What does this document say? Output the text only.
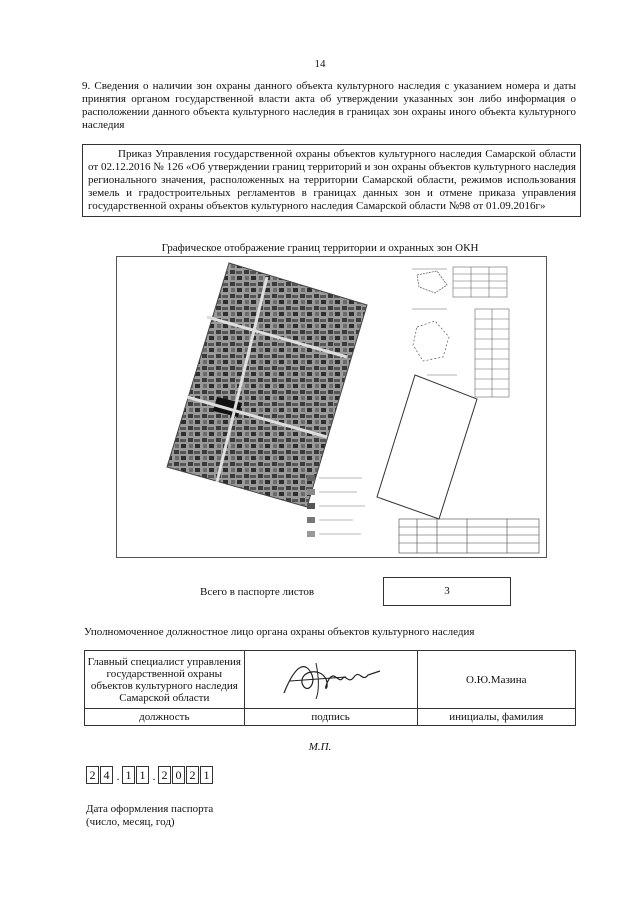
14
9. Сведения о наличии зон охраны данного объекта культурного наследия с указанием номера и даты принятия органом государственной власти акта об утверждении указанных зон либо информация о расположении данного объекта культурного наследия в границах зон охраны иного объекта культурного наследия
Приказ Управления государственной охраны объектов культурного наследия Самарской области от 02.12.2016 № 126 «Об утверждении границ территорий и зон охраны объектов культурного наследия регионального значения, расположенных на территории Самарской области, режимов использования земель и градостроительных регламентов в границах данных зон и отмене приказа управления государственной охраны объектов культурного наследия Самарской области №98 от 01.09.2016г»
Графическое отображение границ территории и охранных зон ОКН
Всего в паспорте листов	3
Уполномоченное должностное лицо органа охраны объектов культурного наследия
Главный специалист управления государственной охраны объектов культурного наследия Самарской области		О.Ю.Мазина
должность	подпись	инициалы, фамилия
М.П.
2 4 . 1 1 . 2 0 2 1
Дата оформления паспорта
(число, месяц, год)
